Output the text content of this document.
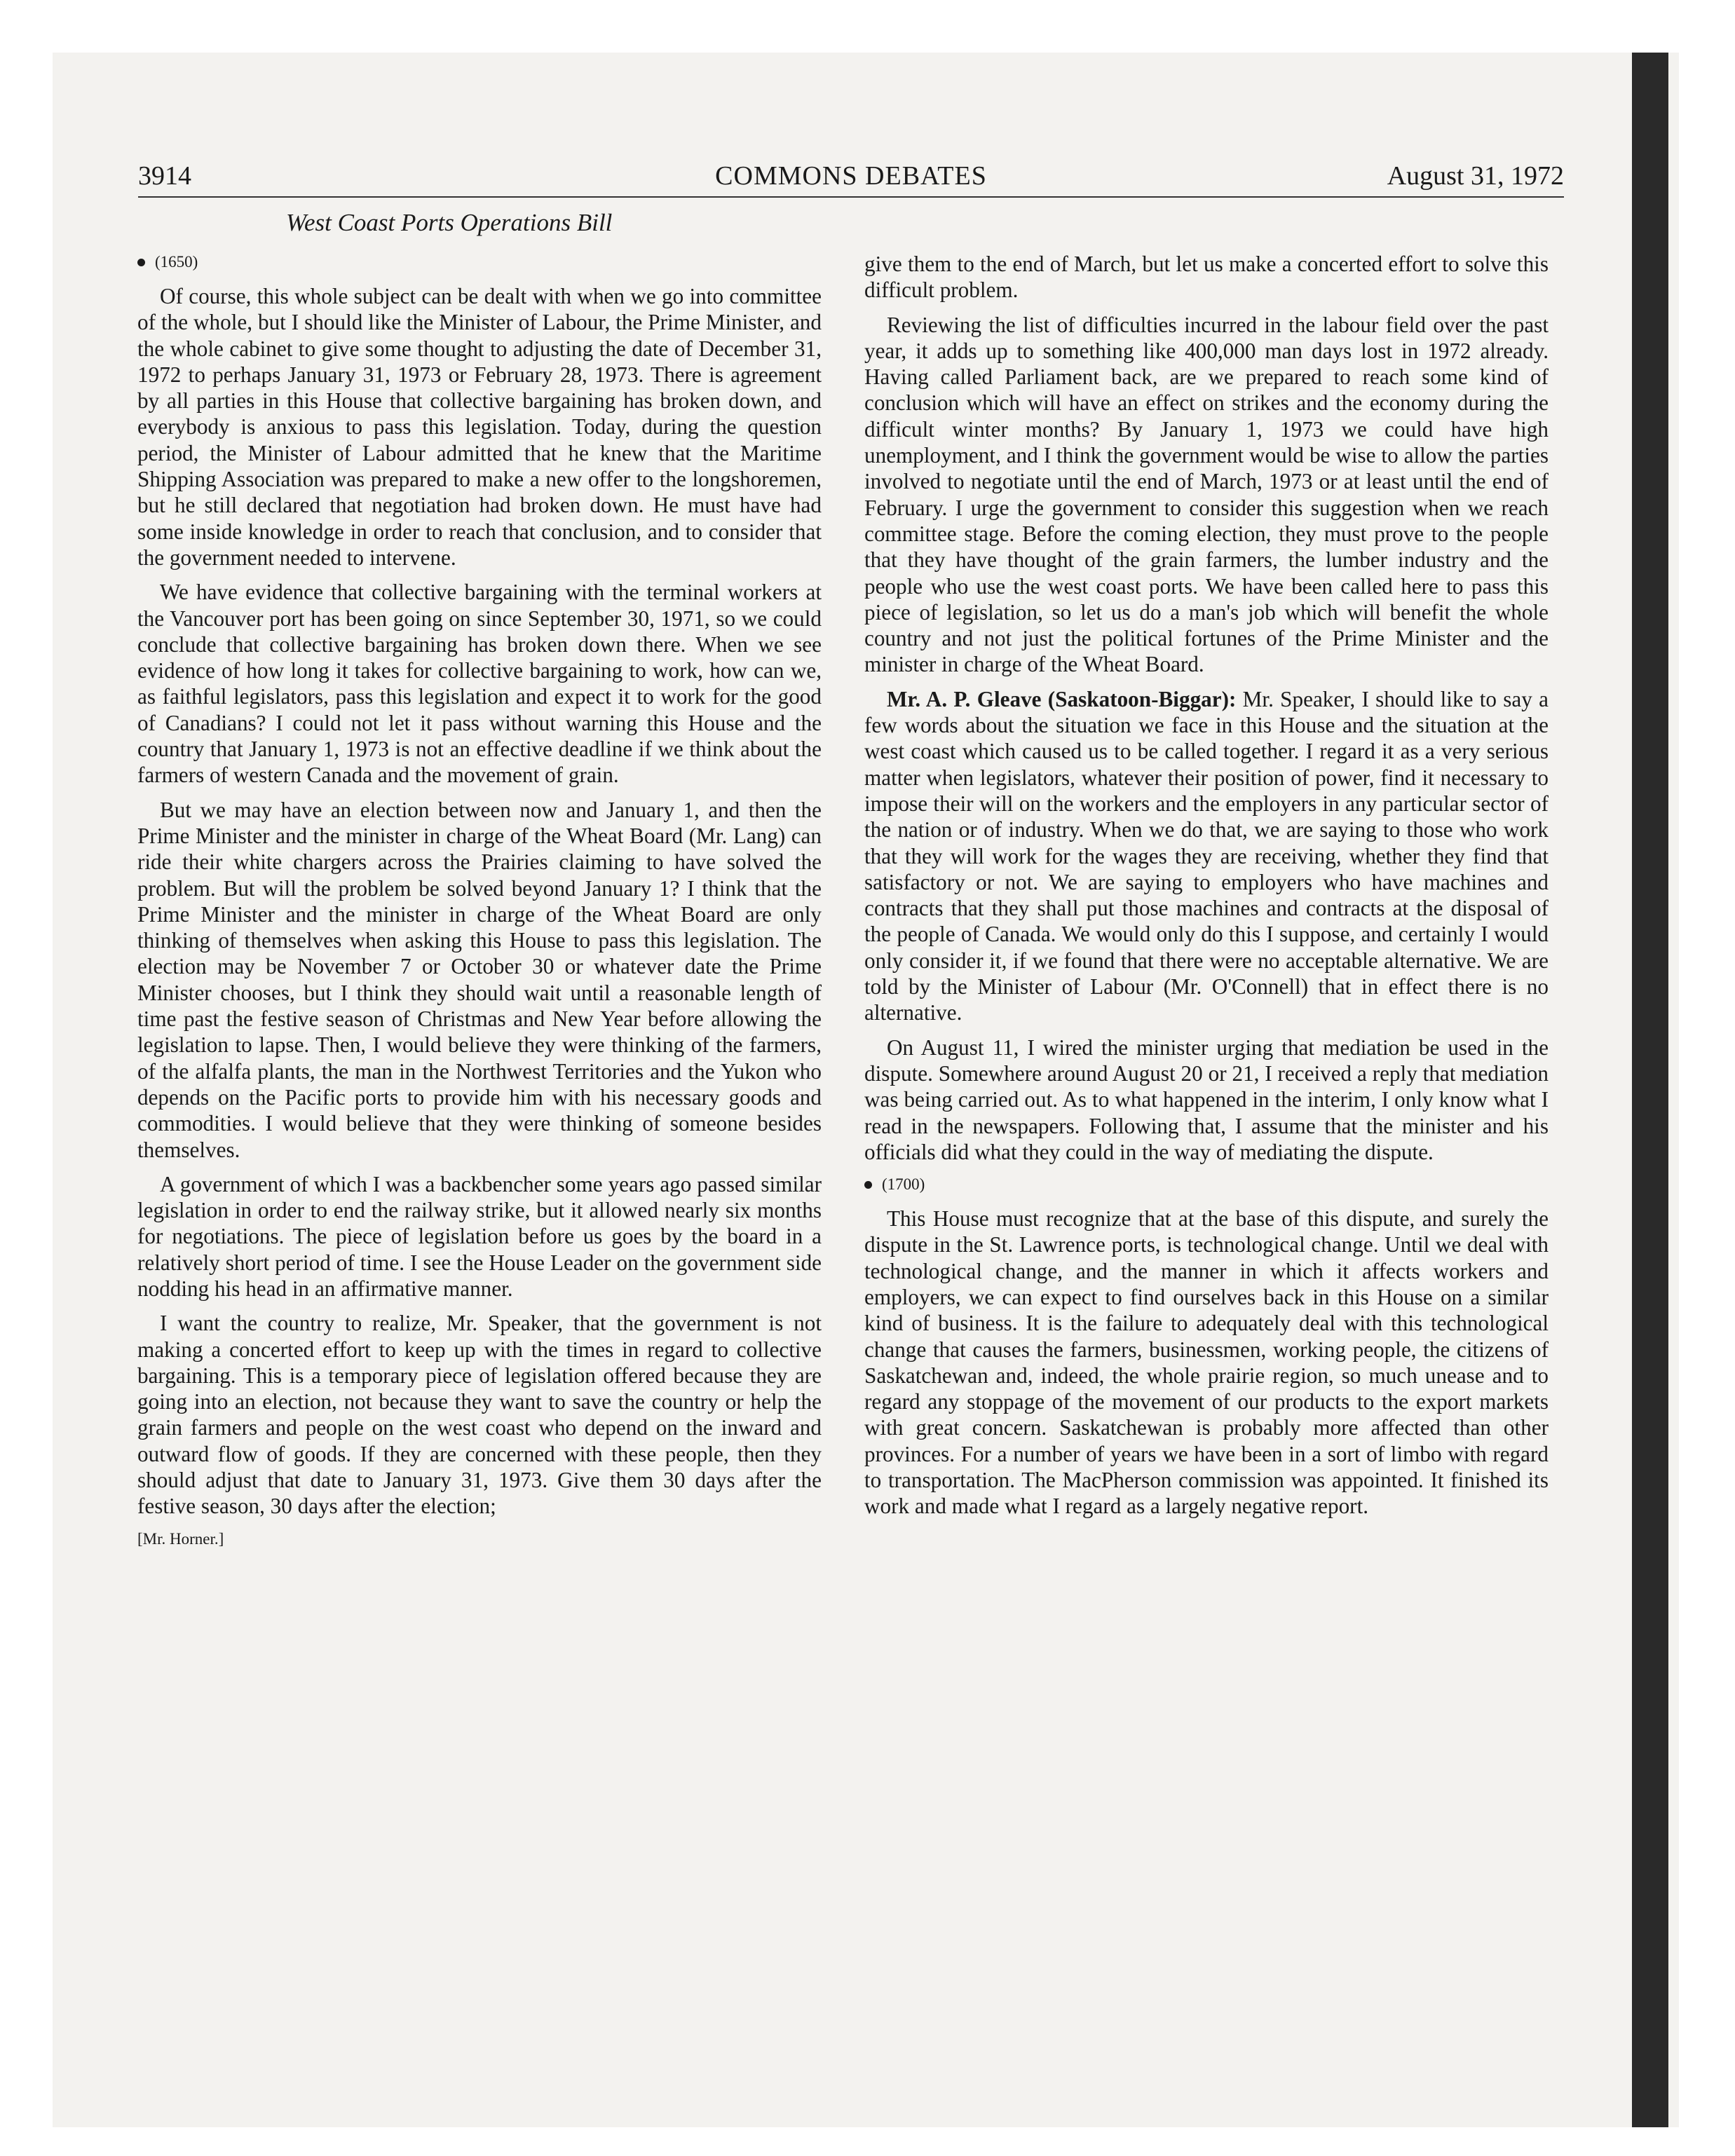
3914	COMMONS DEBATES	August 31, 1972
West Coast Ports Operations Bill
(1650)

Of course, this whole subject can be dealt with when we go into committee of the whole, but I should like the Minister of Labour, the Prime Minister, and the whole cabinet to give some thought to adjusting the date of December 31, 1972 to perhaps January 31, 1973 or February 28, 1973. There is agreement by all parties in this House that collective bargaining has broken down, and everybody is anxious to pass this legislation. Today, during the question period, the Minister of Labour admitted that he knew that the Maritime Shipping Association was prepared to make a new offer to the longshoremen, but he still declared that negotiation had broken down. He must have had some inside knowledge in order to reach that conclusion, and to consider that the government needed to intervene.

We have evidence that collective bargaining with the terminal workers at the Vancouver port has been going on since September 30, 1971, so we could conclude that collective bargaining has broken down there. When we see evidence of how long it takes for collective bargaining to work, how can we, as faithful legislators, pass this legislation and expect it to work for the good of Canadians? I could not let it pass without warning this House and the country that January 1, 1973 is not an effective deadline if we think about the farmers of western Canada and the movement of grain.

But we may have an election between now and January 1, and then the Prime Minister and the minister in charge of the Wheat Board (Mr. Lang) can ride their white chargers across the Prairies claiming to have solved the problem. But will the problem be solved beyond January 1? I think that the Prime Minister and the minister in charge of the Wheat Board are only thinking of themselves when asking this House to pass this legislation. The election may be November 7 or October 30 or whatever date the Prime Minister chooses, but I think they should wait until a reasonable length of time past the festive season of Christmas and New Year before allowing the legislation to lapse. Then, I would believe they were thinking of the farmers, of the alfalfa plants, the man in the Northwest Territories and the Yukon who depends on the Pacific ports to provide him with his necessary goods and commodities. I would believe that they were thinking of someone besides themselves.

A government of which I was a backbencher some years ago passed similar legislation in order to end the railway strike, but it allowed nearly six months for negotiations. The piece of legislation before us goes by the board in a relatively short period of time. I see the House Leader on the government side nodding his head in an affirmative manner.

I want the country to realize, Mr. Speaker, that the government is not making a concerted effort to keep up with the times in regard to collective bargaining. This is a temporary piece of legislation offered because they are going into an election, not because they want to save the country or help the grain farmers and people on the west coast who depend on the inward and outward flow of goods. If they are concerned with these people, then they should adjust that date to January 31, 1973. Give them 30 days after the festive season, 30 days after the election;

[Mr. Horner.]

give them to the end of March, but let us make a concerted effort to solve this difficult problem.

Reviewing the list of difficulties incurred in the labour field over the past year, it adds up to something like 400,000 man days lost in 1972 already. Having called Parliament back, are we prepared to reach some kind of conclusion which will have an effect on strikes and the economy during the difficult winter months? By January 1, 1973 we could have high unemployment, and I think the government would be wise to allow the parties involved to negotiate until the end of March, 1973 or at least until the end of February. I urge the government to consider this suggestion when we reach committee stage. Before the coming election, they must prove to the people that they have thought of the grain farmers, the lumber industry and the people who use the west coast ports. We have been called here to pass this piece of legislation, so let us do a man's job which will benefit the whole country and not just the political fortunes of the Prime Minister and the minister in charge of the Wheat Board.

Mr. A. P. Gleave (Saskatoon-Biggar): Mr. Speaker, I should like to say a few words about the situation we face in this House and the situation at the west coast which caused us to be called together. I regard it as a very serious matter when legislators, whatever their position of power, find it necessary to impose their will on the workers and the employers in any particular sector of the nation or of industry. When we do that, we are saying to those who work that they will work for the wages they are receiving, whether they find that satisfactory or not. We are saying to employers who have machines and contracts that they shall put those machines and contracts at the disposal of the people of Canada. We would only do this I suppose, and certainly I would only consider it, if we found that there were no acceptable alternative. We are told by the Minister of Labour (Mr. O'Connell) that in effect there is no alternative.

On August 11, I wired the minister urging that mediation be used in the dispute. Somewhere around August 20 or 21, I received a reply that mediation was being carried out. As to what happened in the interim, I only know what I read in the newspapers. Following that, I assume that the minister and his officials did what they could in the way of mediating the dispute.

(1700)

This House must recognize that at the base of this dispute, and surely the dispute in the St. Lawrence ports, is technological change. Until we deal with technological change, and the manner in which it affects workers and employers, we can expect to find ourselves back in this House on a similar kind of business. It is the failure to adequately deal with this technological change that causes the farmers, businessmen, working people, the citizens of Saskatchewan and, indeed, the whole prairie region, so much unease and to regard any stoppage of the movement of our products to the export markets with great concern. Saskatchewan is probably more affected than other provinces. For a number of years we have been in a sort of limbo with regard to transportation. The MacPherson commission was appointed. It finished its work and made what I regard as a largely negative report.
